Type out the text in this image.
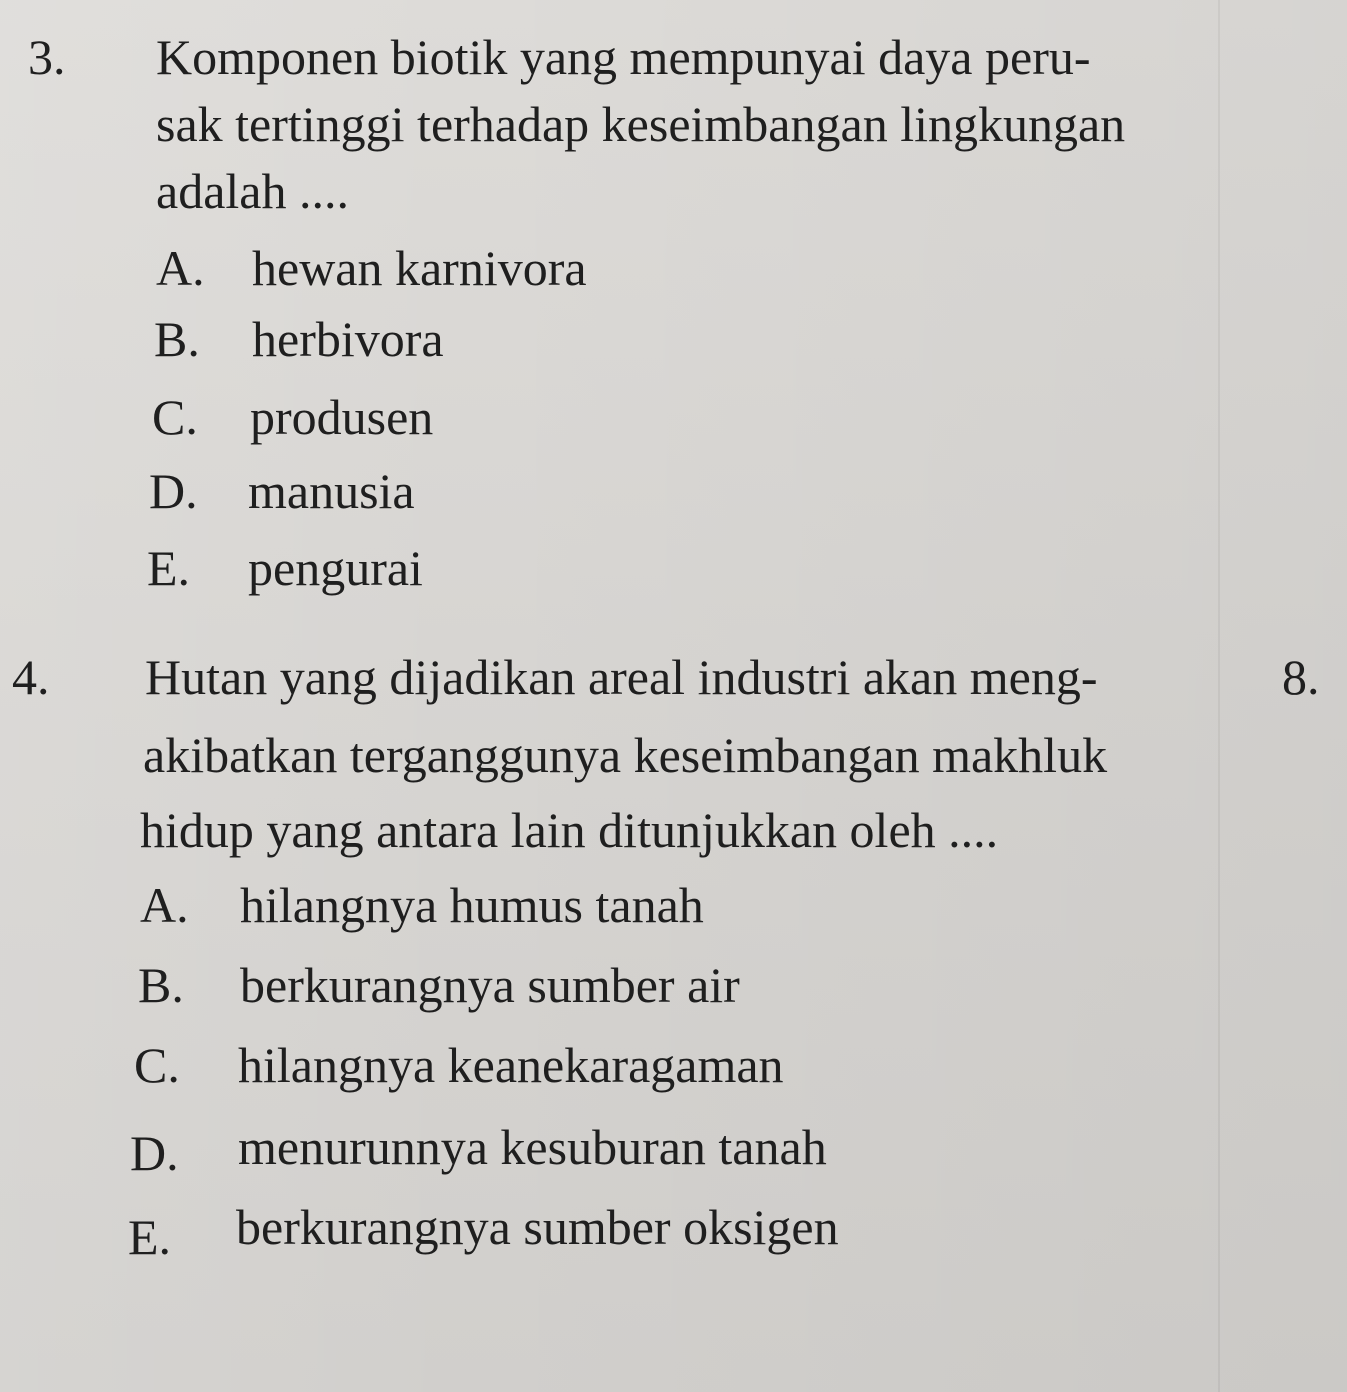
3. Komponen biotik yang mempunyai daya peru-
sak tertinggi terhadap keseimbangan lingkungan
adalah ....
A. hewan karnivora
B. herbivora
C. produsen
D. manusia
E. pengurai
4. Hutan yang dijadikan areal industri akan meng-
akibatkan terganggunya keseimbangan makhluk
hidup yang antara lain ditunjukkan oleh ....
A. hilangnya humus tanah
B. berkurangnya sumber air
C. hilangnya keanekaragaman
D. menurunnya kesuburan tanah
E. berkurangnya sumber oksigen
8.
